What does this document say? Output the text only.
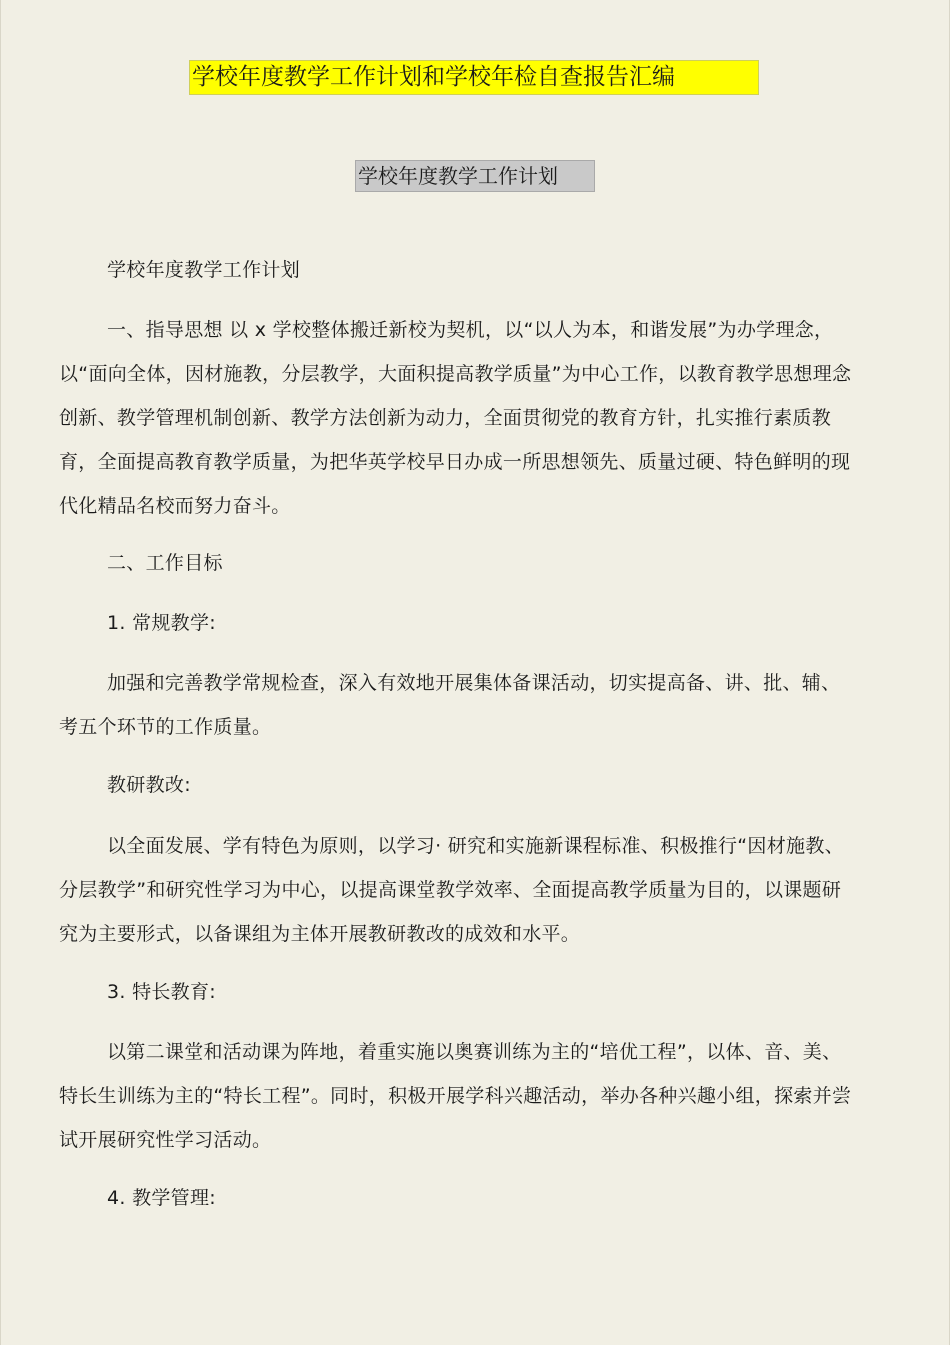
学校年度教学工作计划和学校年检自查报告汇编
学校年度教学工作计划
学校年度教学工作计划

一、指导思想 以 x 学校整体搬迁新校为契机，以“以人为本，和谐发展”为办学理念，以“面向全体，因材施教，分层教学，大面积提高教学质量”为中心工作，以教育教学思想理念创新、教学管理机制创新、教学方法创新为动力，全面贯彻党的教育方针，扎实推行素质教育，全面提高教育教学质量，为把华英学校早日办成一所思想领先、质量过硬、特色鲜明的现代化精品名校而努力奋斗。

二、工作目标
1. 常规教学:

加强和完善教学常规检查，深入有效地开展集体备课活动，切实提高备、讲、批、辅、考五个环节的工作质量。

教研教改:

以全面发展、学有特色为原则，以学习· 研究和实施新课程标准、积极推行“因材施教、分层教学”和研究性学习为中心，以提高课堂教学效率、全面提高教学质量为目的，以课题研究为主要形式，以备课组为主体开展教研教改的成效和水平。

3. 特长教育:

以第二课堂和活动课为阵地，着重实施以奥赛训练为主的“培优工程”，以体、音、美、特长生训练为主的“特长工程”。同时，积极开展学科兴趣活动，举办各种兴趣小组，探索并尝试开展研究性学习活动。

4. 教学管理:
